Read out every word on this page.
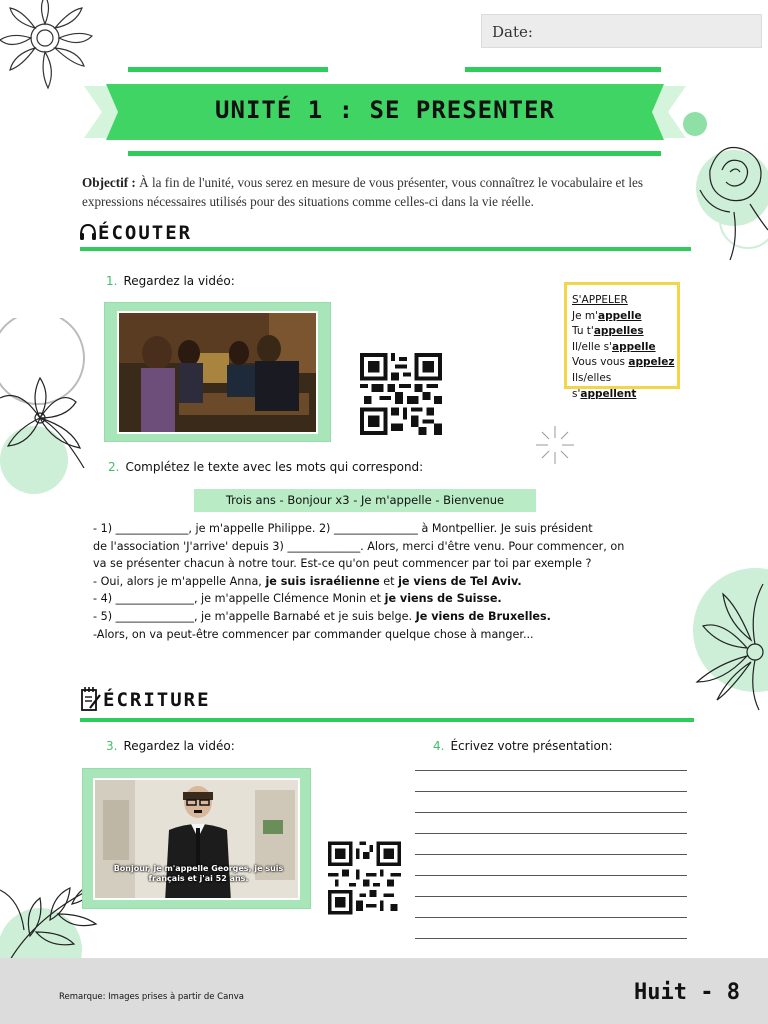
Date:
UNITÉ 1 : SE PRESENTER
Objectif : À la fin de l'unité, vous serez en mesure de vous présenter, vous connaîtrez le vocabulaire et les expressions nécessaires utilisés pour des situations comme celles-ci dans la vie réelle.
ÉCOUTER
1. Regardez la vidéo:
S'APPELER
Je m'appelle
Tu t'appelles
Il/elle s'appelle
Vous vous appelez
Ils/elles s'appellent
2. Complétez le texte avec les mots qui correspond:
Trois ans - Bonjour x3 - Je m'appelle - Bienvenue
- 1) _____________, je m'appelle Philippe. 2) _______________ à Montpellier. Je suis président
de l'association 'J'arrive' depuis 3) _____________. Alors, merci d'être venu. Pour commencer, on
va se présenter chacun à notre tour. Est-ce qu'on peut commencer par toi par exemple ?
- Oui, alors je m'appelle Anna, je suis israélienne et je viens de Tel Aviv.
- 4) ______________, je m'appelle Clémence Monin et je viens de Suisse.
- 5) ______________, je m'appelle Barnabé et je suis belge. Je viens de Bruxelles.
-Alors, on va peut-être commencer par commander quelque chose à manger...
ÉCRITURE
3. Regardez la vidéo:	4. Écrivez votre présentation:
Bonjour, je m'appelle Georges, je suis
français et j'ai 52 ans.
Remarque: Images prises à partir de Canva	Huit - 8
